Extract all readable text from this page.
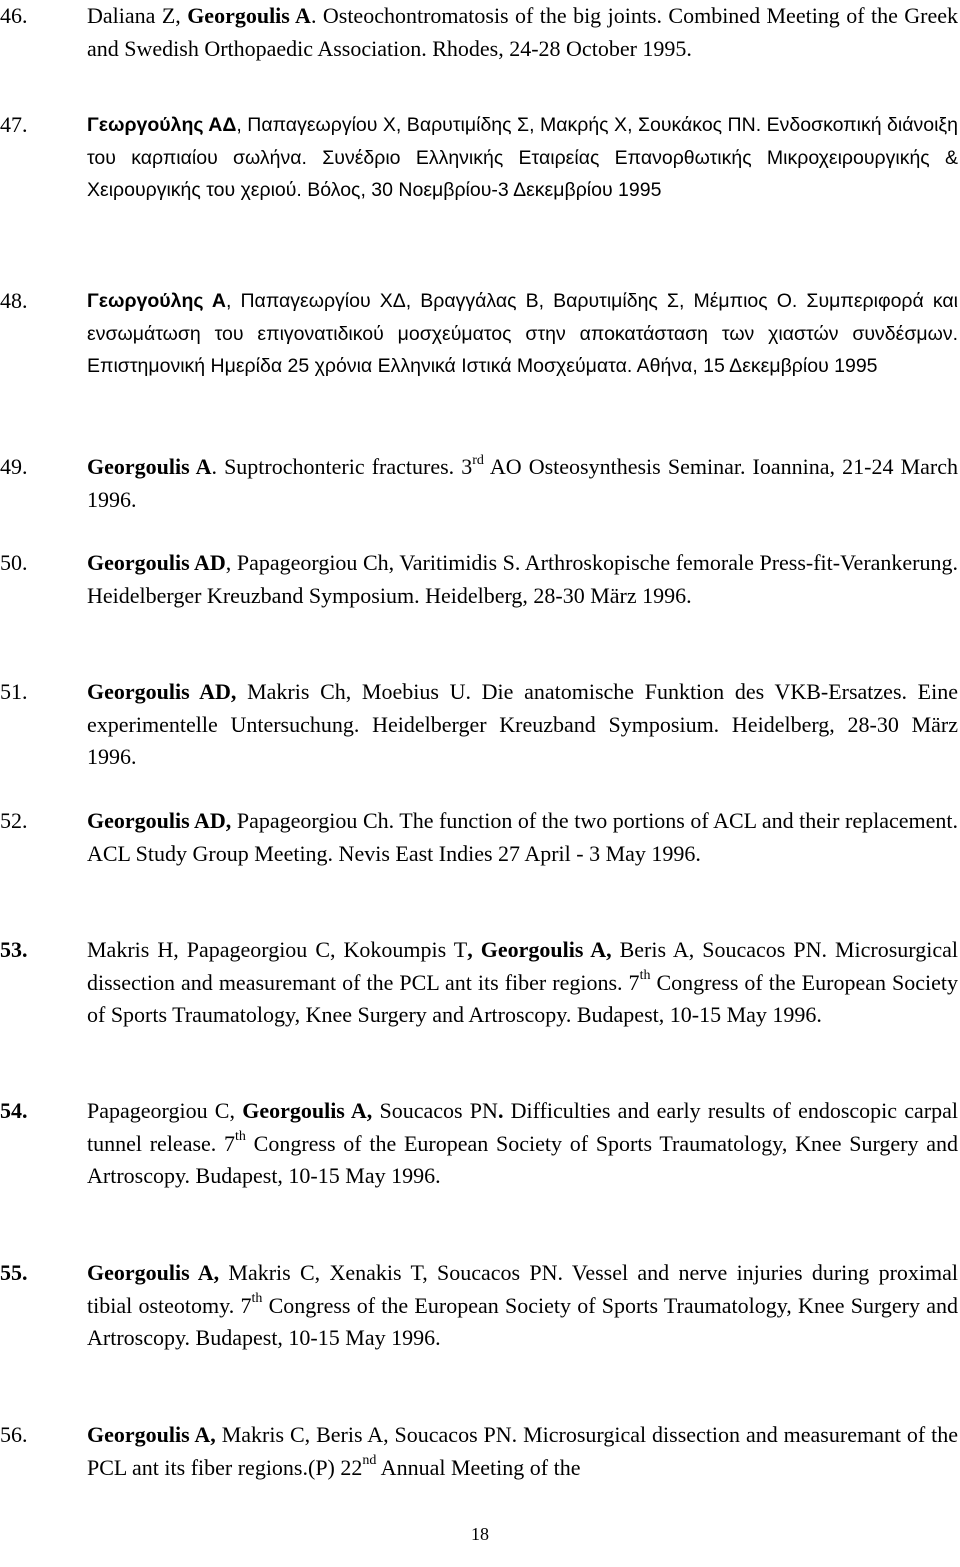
46.	Daliana Z, Georgoulis A. Osteochontromatosis of the big joints. Combined Meeting of the Greek and Swedish Orthopaedic Association. Rhodes, 24-28 October 1995.
47.	Γεωργούλης ΑΔ, Παπαγεωργίου Χ, Βαρυτιμίδης Σ, Μακρής Χ, Σουκάκος ΠΝ. Ενδοσκοπική διάνοιξη του καρπιαίου σωλήνα. Συνέδριο Ελληνικής Εταιρείας Επανορθωτικής Μικροχειρουργικής & Χειρουργικής του χεριού. Βόλος, 30 Νοεμβρίου-3 Δεκεμβρίου 1995
48.	Γεωργούλης Α, Παπαγεωργίου ΧΔ, Βραγγάλας Β, Βαρυτιμίδης Σ, Μέμπιος Ο. Συμπεριφορά και ενσωμάτωση του επιγονατιδικού μοσχεύματος στην αποκατάσταση των χιαστών συνδέσμων. Επιστημονική Ημερίδα 25 χρόνια Ελληνικά Ιστικά Μοσχεύματα. Αθήνα, 15 Δεκεμβρίου 1995
49.	Georgoulis A. Suptrochonteric fractures. 3rd AO Osteosynthesis Seminar. Ioannina, 21-24 March 1996.
50.	Georgoulis AD, Papageorgiou Ch, Varitimidis S. Arthroskopische femorale Press-fit-Verankerung. Heidelberger Kreuzband Symposium. Heidelberg, 28-30 März 1996.
51.	Georgoulis AD, Makris Ch, Moebius U. Die anatomische Funktion des VKB-Ersatzes. Eine experimentelle Untersuchung. Heidelberger Kreuzband Symposium. Heidelberg, 28-30 März 1996.
52.	Georgoulis AD, Papageorgiou Ch. The function of the two portions of ACL and their replacement. ACL Study Group Meeting. Nevis East Indies 27 April - 3 May 1996.
53.	Makris H, Papageorgiou C, Kokoumpis T, Georgoulis A, Beris A, Soucacos PN. Microsurgical dissection and measuremant of the PCL ant its fiber regions. 7th Congress of the European Society of Sports Traumatology, Knee Surgery and Artroscopy. Budapest, 10-15 May 1996.
54.	Papageorgiou C, Georgoulis A, Soucacos PN. Difficulties and early results of endoscopic carpal tunnel release. 7th Congress of the European Society of Sports Traumatology, Knee Surgery and Artroscopy. Budapest, 10-15 May 1996.
55.	Georgoulis A, Makris C, Xenakis T, Soucacos PN. Vessel and nerve injuries during proximal tibial osteotomy. 7th Congress of the European Society of Sports Traumatology, Knee Surgery and Artroscopy. Budapest, 10-15 May 1996.
56.	Georgoulis A, Makris C, Beris A, Soucacos PN. Microsurgical dissection and measuremant of the PCL ant its fiber regions.(P) 22nd Annual Meeting of the
18
